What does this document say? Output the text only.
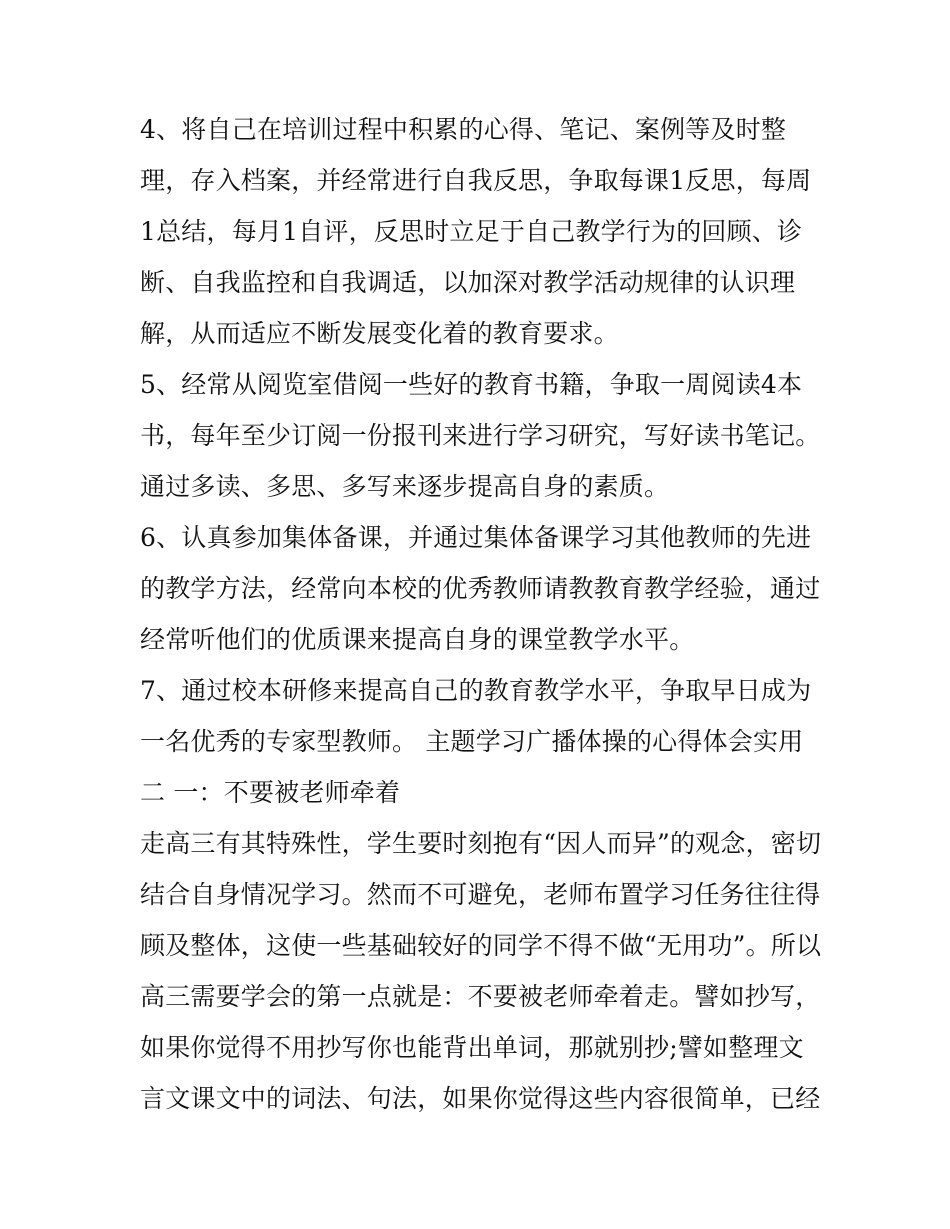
4、将自己在培训过程中积累的心得、笔记、案例等及时整
理，存入档案，并经常进行自我反思，争取每课1反思，每周
1总结，每月1自评，反思时立足于自己教学行为的回顾、诊
断、自我监控和自我调适，以加深对教学活动规律的认识理
解，从而适应不断发展变化着的教育要求。
5、经常从阅览室借阅一些好的教育书籍，争取一周阅读4本
书，每年至少订阅一份报刊来进行学习研究，写好读书笔记。
通过多读、多思、多写来逐步提高自身的素质。
6、认真参加集体备课，并通过集体备课学习其他教师的先进
的教学方法，经常向本校的优秀教师请教教育教学经验，通过
经常听他们的优质课来提高自身的课堂教学水平。
7、通过校本研修来提高自己的教育教学水平，争取早日成为
一名优秀的专家型教师。 主题学习广播体操的心得体会实用
二 一：不要被老师牵着
走高三有其特殊性，学生要时刻抱有“因人而异”的观念，密切
结合自身情况学习。然而不可避免，老师布置学习任务往往得
顾及整体，这使一些基础较好的同学不得不做“无用功”。所以
高三需要学会的第一点就是：不要被老师牵着走。譬如抄写，
如果你觉得不用抄写你也能背出单词，那就别抄;譬如整理文
言文课文中的词法、句法，如果你觉得这些内容很简单，已经
